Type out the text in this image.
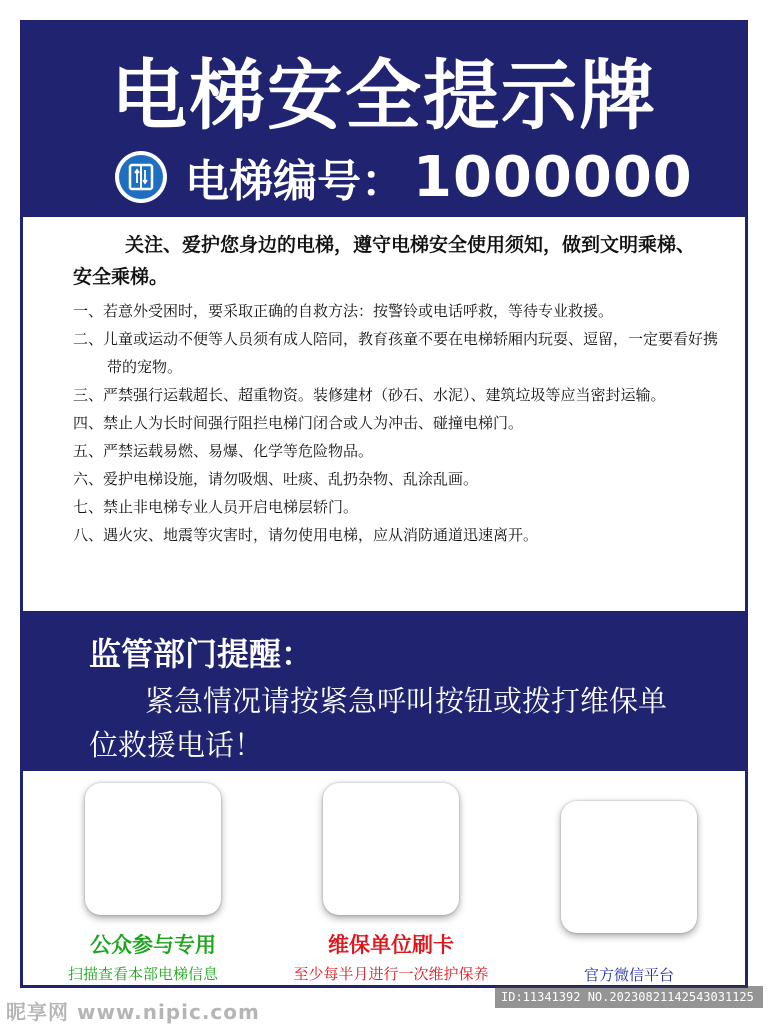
电梯安全提示牌
电梯编号： 1000000
关注、爱护您身边的电梯，遵守电梯安全使用须知，做到文明乘梯、安全乘梯。
一、若意外受困时，要采取正确的自救方法：按警铃或电话呼救，等待专业救援。
二、儿童或运动不便等人员须有成人陪同，教育孩童不要在电梯轿厢内玩耍、逗留，一定要看好携带的宠物。
三、严禁强行运载超长、超重物资。装修建材（砂石、水泥）、建筑垃圾等应当密封运输。
四、禁止人为长时间强行阻拦电梯门闭合或人为冲击、碰撞电梯门。
五、严禁运载易燃、易爆、化学等危险物品。
六、爱护电梯设施，请勿吸烟、吐痰、乱扔杂物、乱涂乱画。
七、禁止非电梯专业人员开启电梯层轿门。
八、遇火灾、地震等灾害时，请勿使用电梯，应从消防通道迅速离开。
监管部门提醒：
紧急情况请按紧急呼叫按钮或拨打维保单位救援电话！
公众参与专用
扫描查看本部电梯信息
维保单位刷卡
至少每半月进行一次维护保养	官方微信平台
昵享网 www.nipic.com
ID:11341392 NO.20230821142543031125
